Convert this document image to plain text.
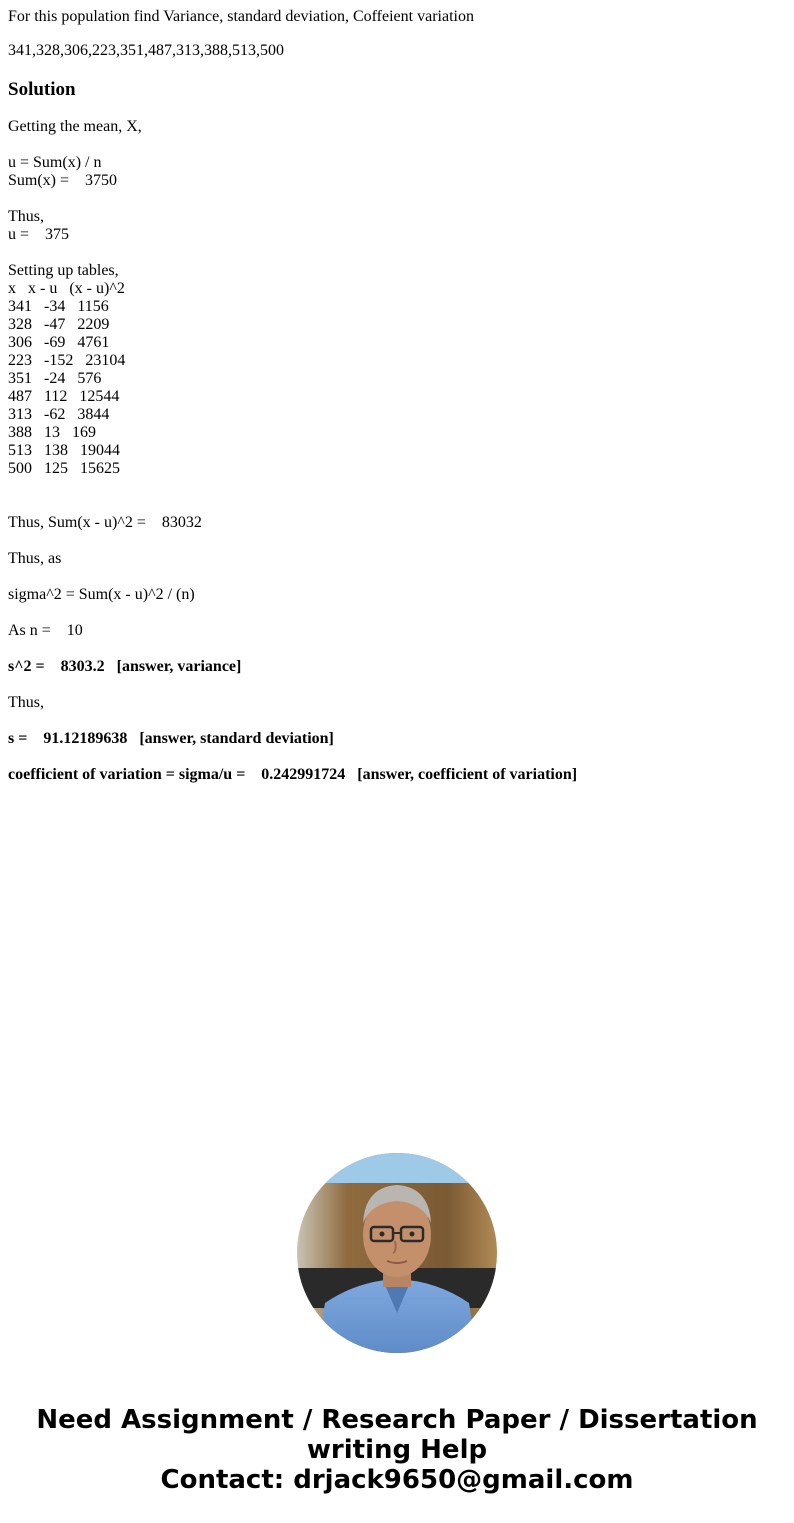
For this population find Variance, standard deviation, Coffeient variation
341,328,306,223,351,487,313,388,513,500
Solution
Getting the mean, X,
u = Sum(x) / n
Sum(x) =    3750
Thus,
u =    375
Setting up tables,
x   x - u   (x - u)^2
341   -34   1156
328   -47   2209
306   -69   4761
223   -152   23104
351   -24   576
487   112   12544
313   -62   3844
388   13   169
513   138   19044
500   125   15625
Thus, Sum(x - u)^2 =    83032
Thus, as
sigma^2 = Sum(x - u)^2 / (n)
As n =    10
s^2 =    8303.2   [answer, variance]
Thus,
s =    91.12189638   [answer, standard deviation]
coefficient of variation = sigma/u =    0.242991724   [answer, coefficient of variation]
Need Assignment / Research Paper / Dissertation
writing Help
Contact: drjack9650@gmail.com
